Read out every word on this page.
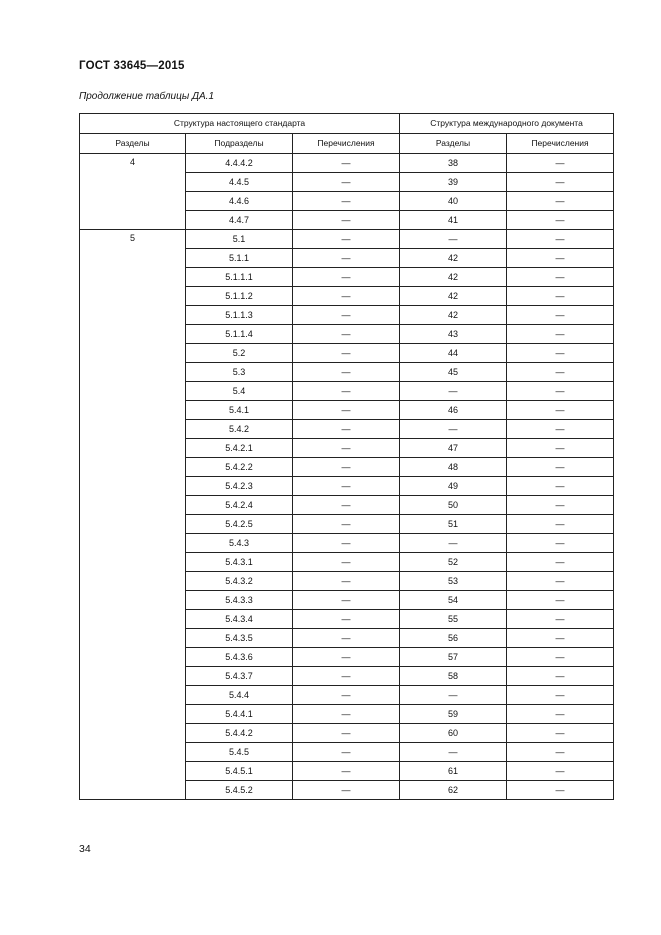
ГОСТ 33645—2015
Продолжение таблицы ДА.1
Структура настоящего стандарта			Структура международного документа	
Разделы	Подразделы	Перечисления	Разделы	Перечисления

4	4.4.4.2	—	38	—
	4.4.5	—	39	—
	4.4.6	—	40	—
	4.4.7	—	41	—

5	5.1	—	—	—
	5.1.1	—	42	—
	5.1.1.1	—	42	—
	5.1.1.2	—	42	—
	5.1.1.3	—	42	—
	5.1.1.4	—	43	—
	5.2	—	44	—
	5.3	—	45	—
	5.4	—	—	—
	5.4.1	—	46	—
	5.4.2	—	—	—
	5.4.2.1	—	47	—
	5.4.2.2	—	48	—
	5.4.2.3	—	49	—
	5.4.2.4	—	50	—
	5.4.2.5	—	51	—
	5.4.3	—	—	—
	5.4.3.1	—	52	—
	5.4.3.2	—	53	—
	5.4.3.3	—	54	—
	5.4.3.4	—	55	—
	5.4.3.5	—	56	—
	5.4.3.6	—	57	—
	5.4.3.7	—	58	—
	5.4.4	—	—	—
	5.4.4.1	—	59	—
	5.4.4.2	—	60	—
	5.4.5	—	—	—
	5.4.5.1	—	61	—
	5.4.5.2	—	62	—
34
